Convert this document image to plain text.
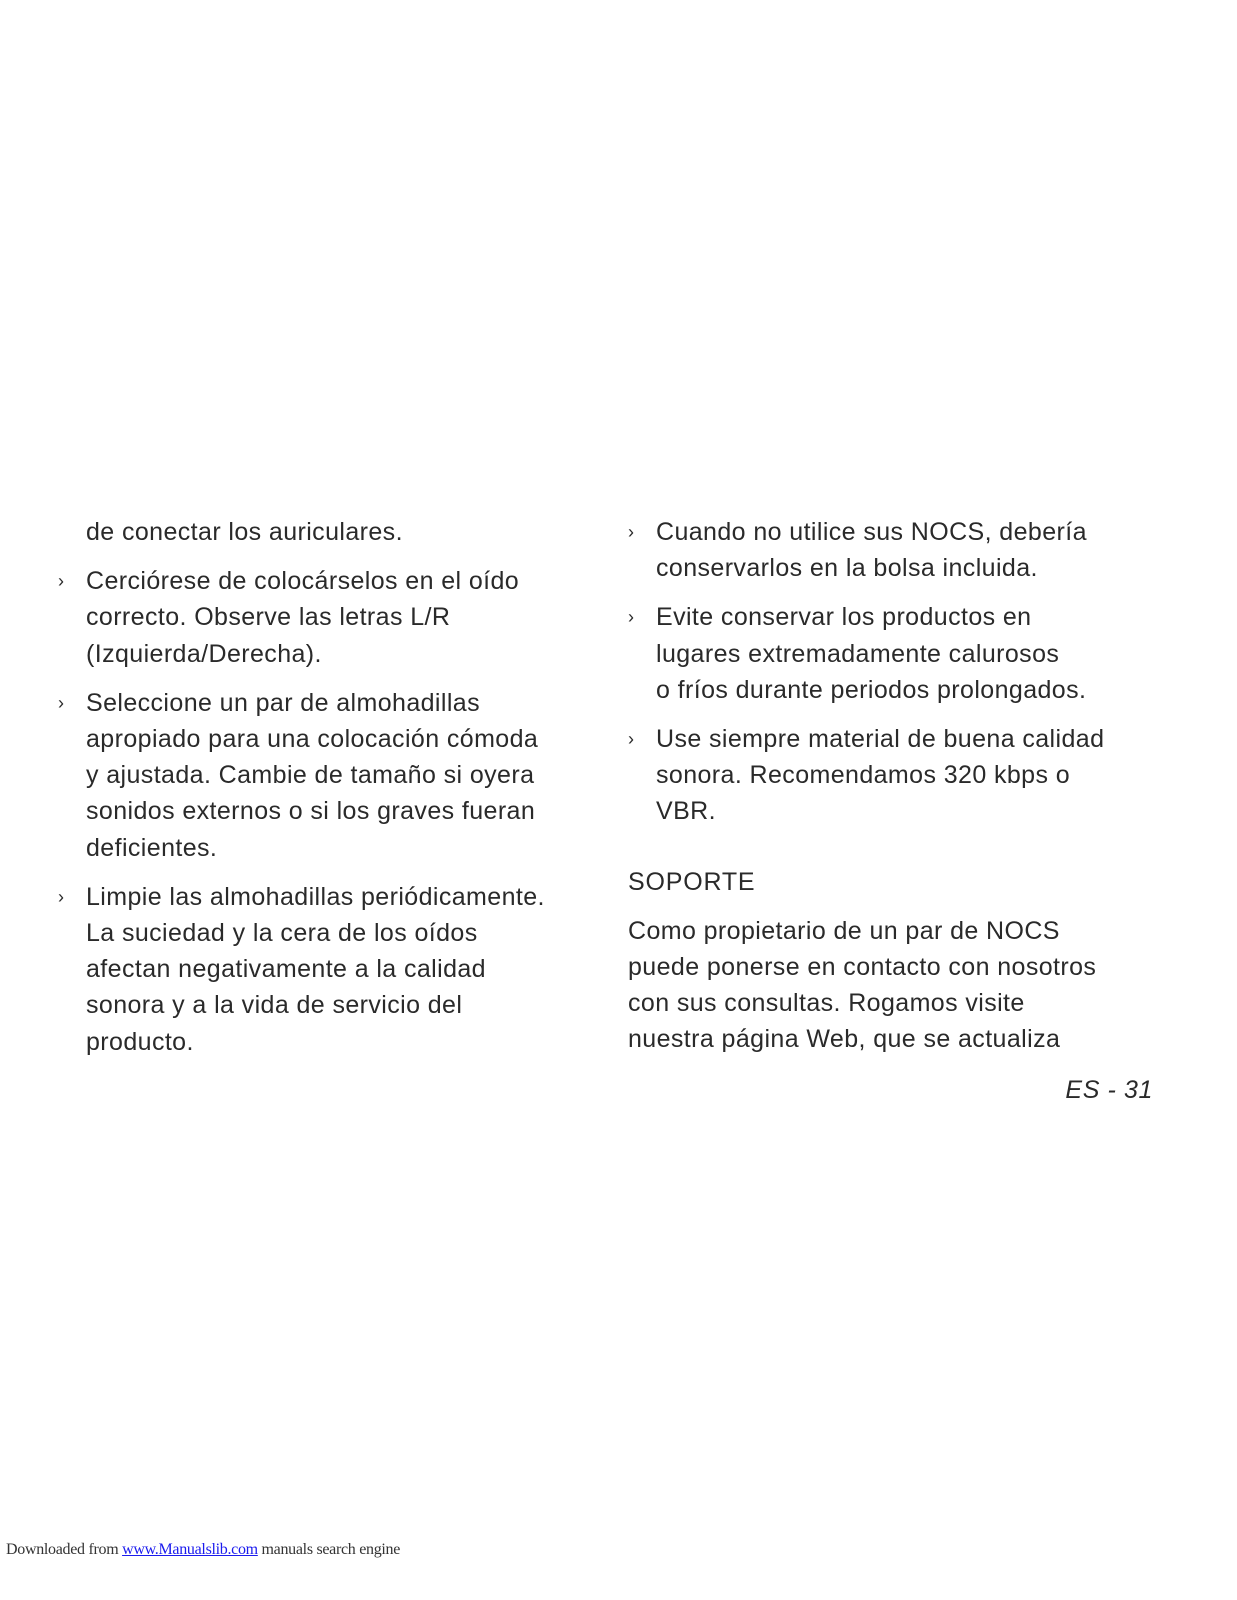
de conectar los auriculares.

› Cerciórese de colocárselos en el oído
correcto. Observe las letras L/R
(Izquierda/Derecha).
› Seleccione un par de almohadillas
apropiado para una colocación cómoda
y ajustada. Cambie de tamaño si oyera
sonidos externos o si los graves fueran
deficientes.
› Limpie las almohadillas periódicamente.
La suciedad y la cera de los oídos
afectan negativamente a la calidad
sonora y a la vida de servicio del
producto.
› Cuando no utilice sus NOCS, debería
conservarlos en la bolsa incluida.
› Evite conservar los productos en
lugares extremadamente calurosos
o fríos durante periodos prolongados.
› Use siempre material de buena calidad
sonora. Recomendamos 320 kbps o
VBR.
SOPORTE

Como propietario de un par de NOCS
puede ponerse en contacto con nosotros
con sus consultas. Rogamos visite
nuestra página Web, que se actualiza

ES - 31
Downloaded from www.Manualslib.com manuals search engine
